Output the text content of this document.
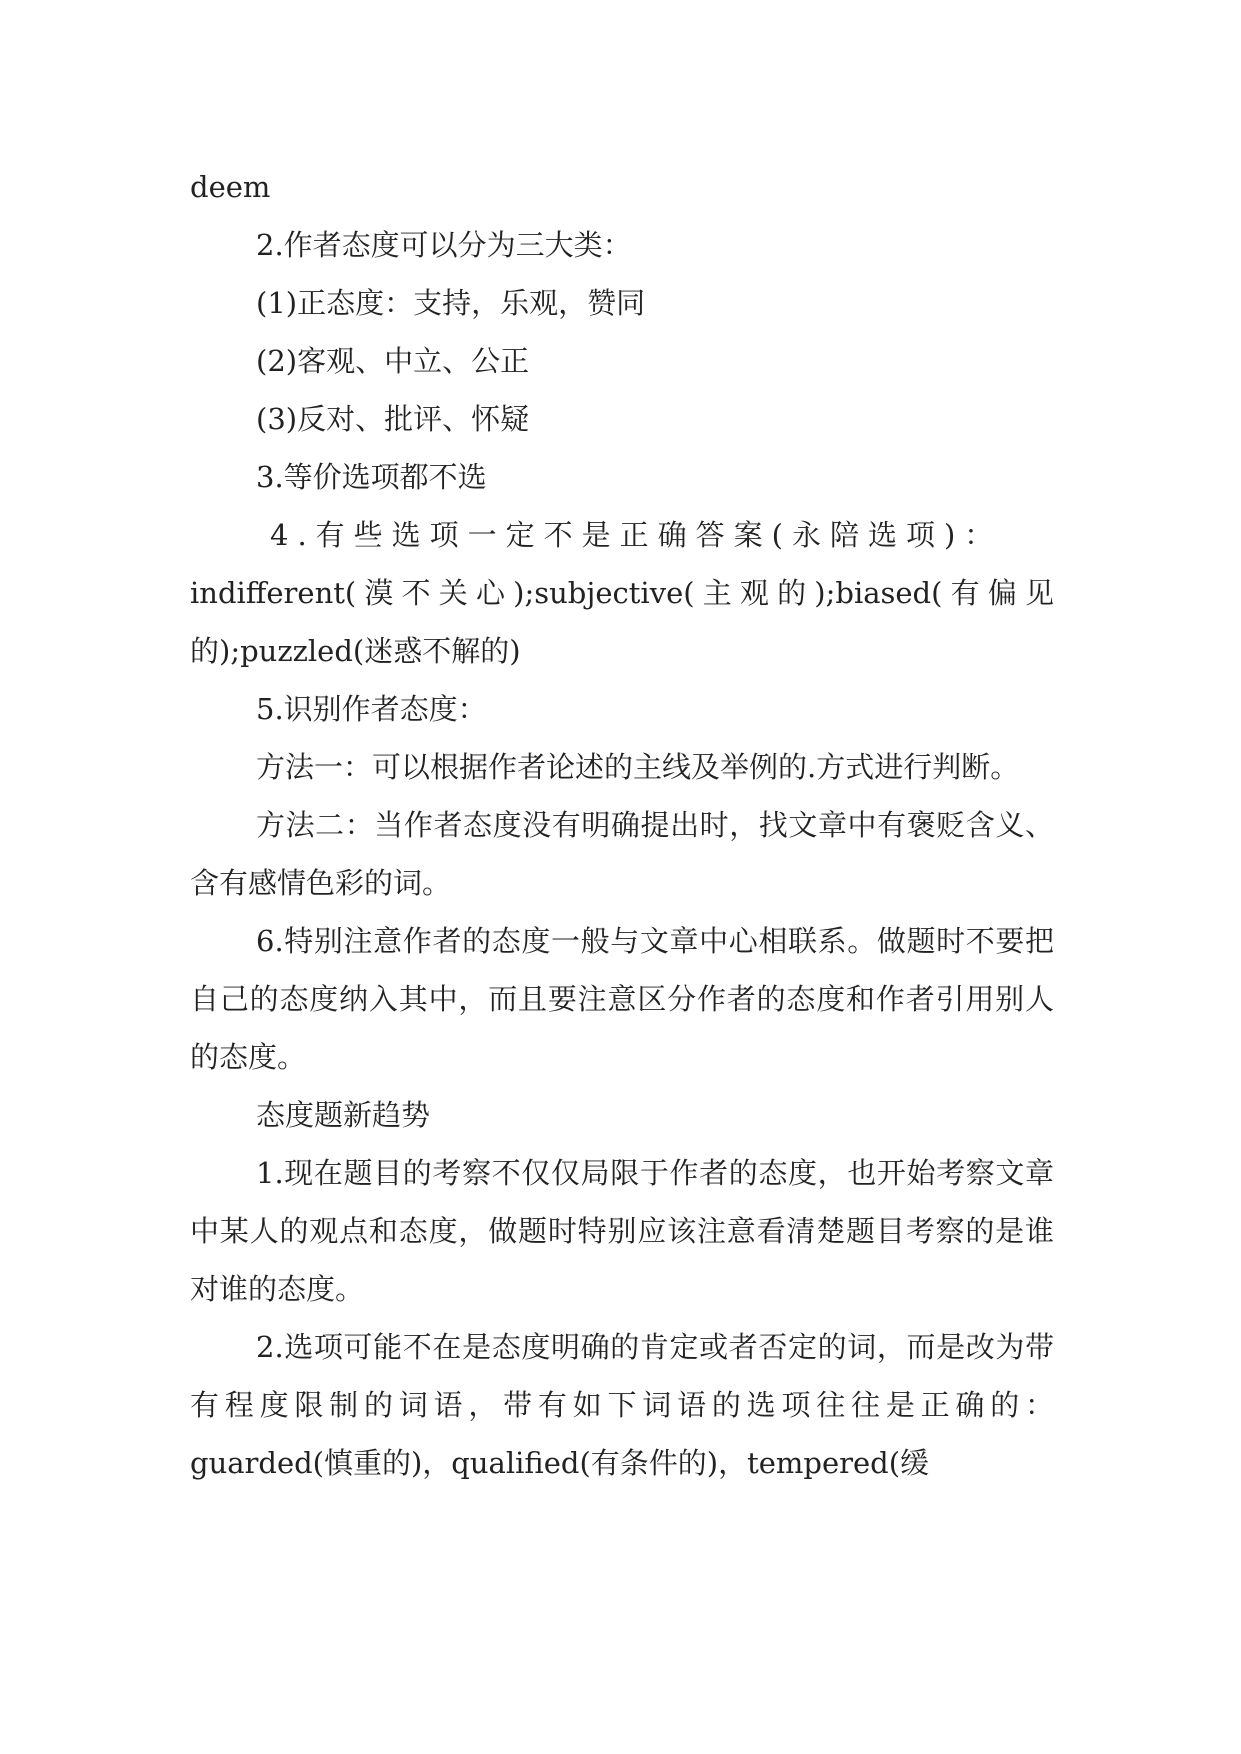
deem

2.作者态度可以分为三大类：

(1)正态度：支持，乐观，赞同

(2)客观、中立、公正

(3)反对、批评、怀疑

3.等价选项都不选

4.有些选项一定不是正确答案(永陪选项)：

indifferent(漠不关心);subjective(主观的);biased(有偏见的);puzzled(迷惑不解的)

5.识别作者态度：

方法一：可以根据作者论述的主线及举例的.方式进行判断。

方法二：当作者态度没有明确提出时，找文章中有褒贬含义、含有感情色彩的词。

6.特别注意作者的态度一般与文章中心相联系。做题时不要把自己的态度纳入其中，而且要注意区分作者的态度和作者引用别人的态度。

态度题新趋势

1.现在题目的考察不仅仅局限于作者的态度，也开始考察文章中某人的观点和态度，做题时特别应该注意看清楚题目考察的是谁对谁的态度。

2.选项可能不在是态度明确的肯定或者否定的词，而是改为带有程度限制的词语，带有如下词语的选项往往是正确的：guarded(慎重的)，qualified(有条件的)，tempered(缓
